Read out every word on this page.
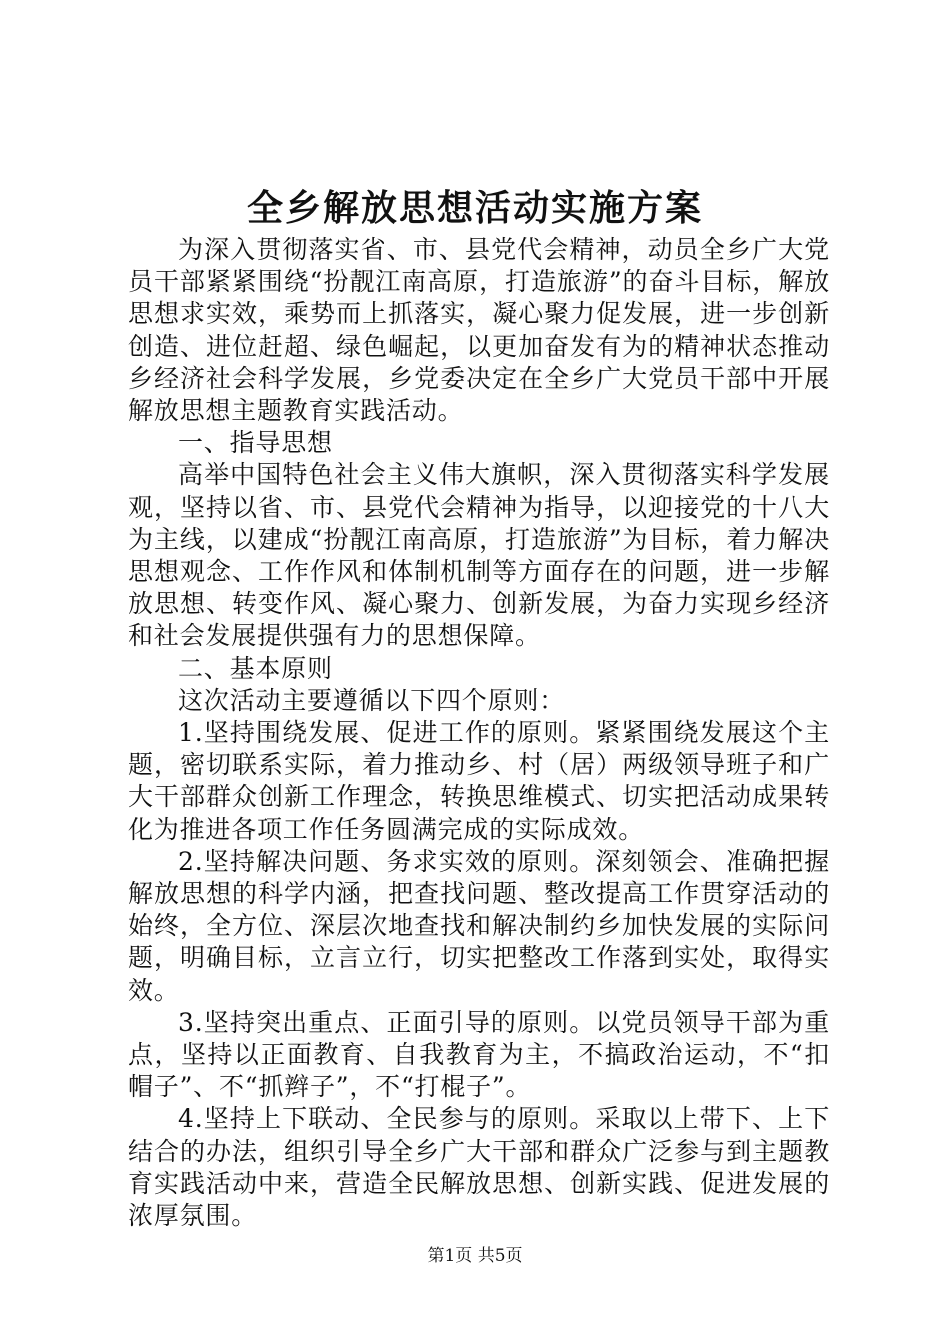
全乡解放思想活动实施方案

为深入贯彻落实省、市、县党代会精神，动员全乡广大党员干部紧紧围绕“扮靓江南高原，打造旅游”的奋斗目标，解放思想求实效，乘势而上抓落实，凝心聚力促发展，进一步创新创造、进位赶超、绿色崛起，以更加奋发有为的精神状态推动乡经济社会科学发展，乡党委决定在全乡广大党员干部中开展解放思想主题教育实践活动。

一、指导思想

高举中国特色社会主义伟大旗帜，深入贯彻落实科学发展观，坚持以省、市、县党代会精神为指导，以迎接党的十八大为主线，以建成“扮靓江南高原，打造旅游”为目标，着力解决思想观念、工作作风和体制机制等方面存在的问题，进一步解放思想、转变作风、凝心聚力、创新发展，为奋力实现乡经济和社会发展提供强有力的思想保障。

二、基本原则

这次活动主要遵循以下四个原则：

1.坚持围绕发展、促进工作的原则。紧紧围绕发展这个主题，密切联系实际，着力推动乡、村（居）两级领导班子和广大干部群众创新工作理念，转换思维模式、切实把活动成果转化为推进各项工作任务圆满完成的实际成效。

2.坚持解决问题、务求实效的原则。深刻领会、准确把握解放思想的科学内涵，把查找问题、整改提高工作贯穿活动的始终，全方位、深层次地查找和解决制约乡加快发展的实际问题，明确目标，立言立行，切实把整改工作落到实处，取得实效。

3.坚持突出重点、正面引导的原则。以党员领导干部为重点，坚持以正面教育、自我教育为主，不搞政治运动，不“扣帽子”、不“抓辫子”，不“打棍子”。

4.坚持上下联动、全民参与的原则。采取以上带下、上下结合的办法，组织引导全乡广大干部和群众广泛参与到主题教育实践活动中来，营造全民解放思想、创新实践、促进发展的浓厚氛围。

第1页 共5页
